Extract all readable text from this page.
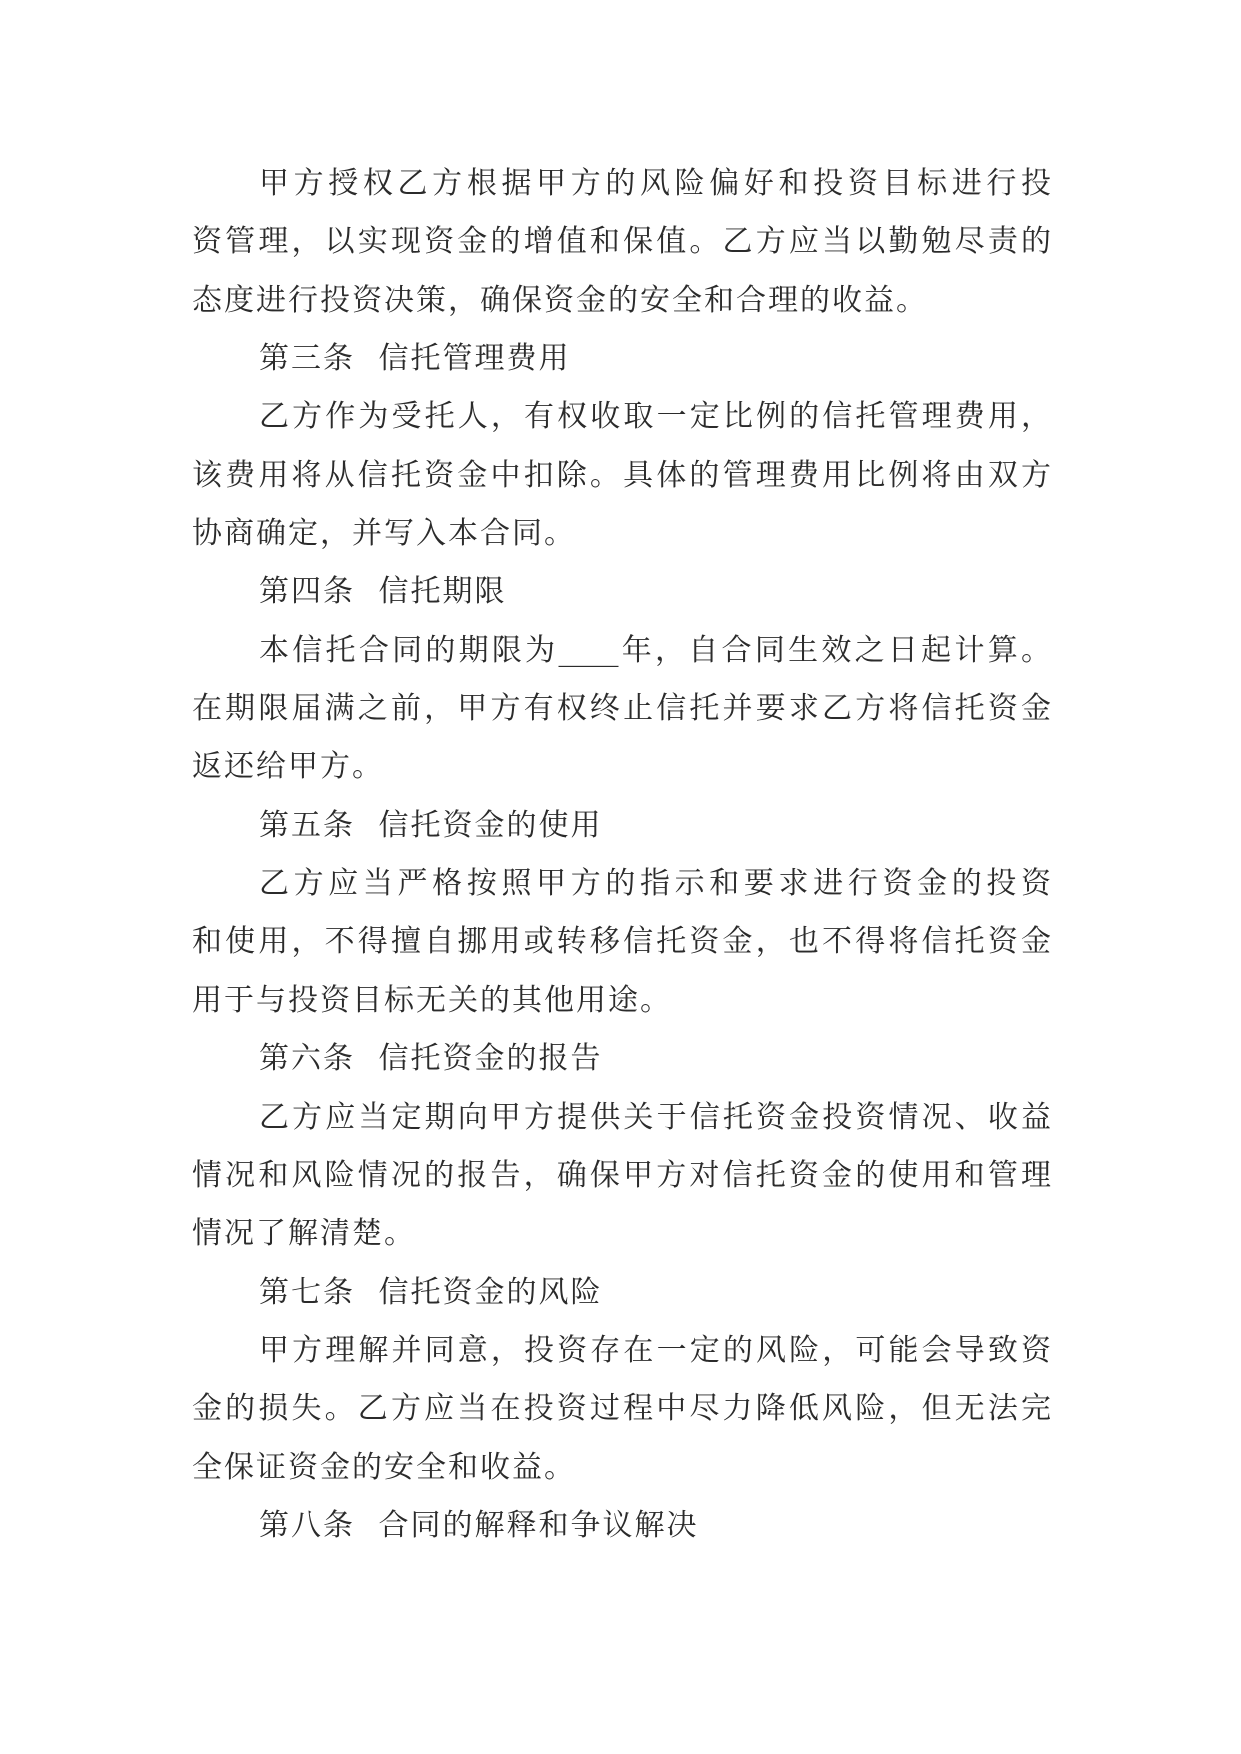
甲方授权乙方根据甲方的风险偏好和投资目标进行投
资管理，以实现资金的增值和保值。乙方应当以勤勉尽责的
态度进行投资决策，确保资金的安全和合理的收益。
第三条 信托管理费用
乙方作为受托人，有权收取一定比例的信托管理费用，
该费用将从信托资金中扣除。具体的管理费用比例将由双方
协商确定，并写入本合同。
第四条 信托期限
本信托合同的期限为____年，自合同生效之日起计算。
在期限届满之前，甲方有权终止信托并要求乙方将信托资金
返还给甲方。
第五条 信托资金的使用
乙方应当严格按照甲方的指示和要求进行资金的投资
和使用，不得擅自挪用或转移信托资金，也不得将信托资金
用于与投资目标无关的其他用途。
第六条 信托资金的报告
乙方应当定期向甲方提供关于信托资金投资情况、收益
情况和风险情况的报告，确保甲方对信托资金的使用和管理
情况了解清楚。
第七条 信托资金的风险
甲方理解并同意，投资存在一定的风险，可能会导致资
金的损失。乙方应当在投资过程中尽力降低风险，但无法完
全保证资金的安全和收益。
第八条 合同的解释和争议解决
